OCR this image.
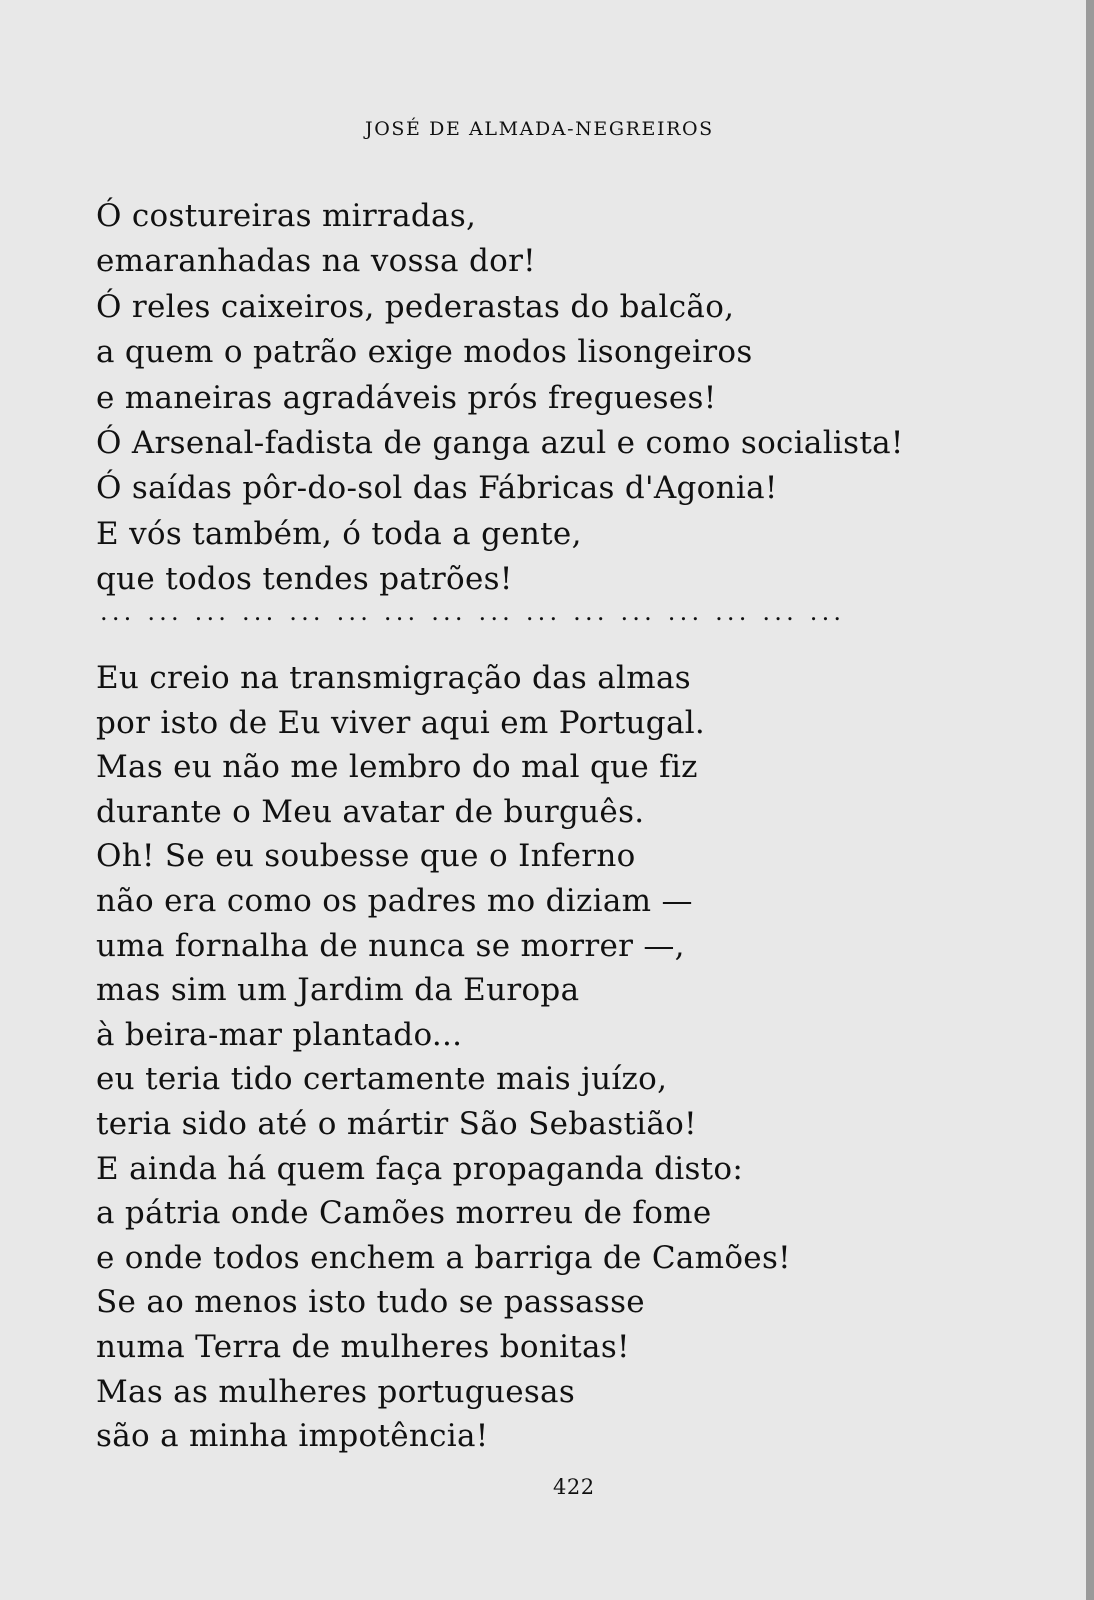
JOSÉ DE ALMADA-NEGREIROS
Ó costureiras mirradas,
emaranhadas na vossa dor!
Ó reles caixeiros, pederastas do balcão,
a quem o patrão exige modos lisongeiros
e maneiras agradáveis prós fregueses!
Ó Arsenal-fadista de ganga azul e como socialista!
Ó saídas pôr-do-sol das Fábricas d'Agonia!
E vós também, ó toda a gente,
que todos tendes patrões!
... ... ... ... ... ... ... ... ... ... ... ... ... ... ... ...
Eu creio na transmigração das almas
por isto de Eu viver aqui em Portugal.
Mas eu não me lembro do mal que fiz
durante o Meu avatar de burguês.
Oh! Se eu soubesse que o Inferno
não era como os padres mo diziam —
uma fornalha de nunca se morrer —,
mas sim um Jardim da Europa
à beira-mar plantado...
eu teria tido certamente mais juízo,
teria sido até o mártir São Sebastião!
E ainda há quem faça propaganda disto:
a pátria onde Camões morreu de fome
e onde todos enchem a barriga de Camões!
Se ao menos isto tudo se passasse
numa Terra de mulheres bonitas!
Mas as mulheres portuguesas
são a minha impotência!
422
